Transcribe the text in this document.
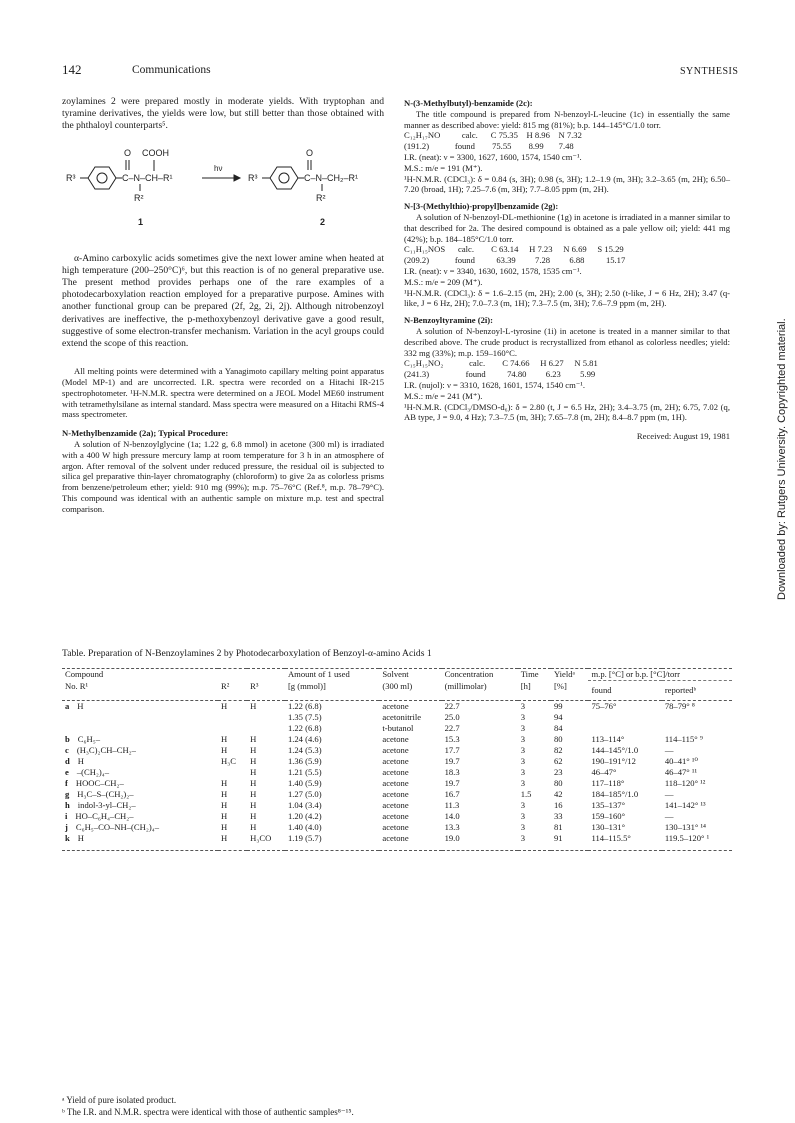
142	Communications	SYNTHESIS

zoylamines 2 were prepared mostly in moderate yields. With tryptophan and tyramine derivatives, the yields were low, but still better than those obtained with the phthaloyl counterparts⁵.

R³	C–N–CH–R¹
O COOH
R²
1
hν
R³	C–N–CH₂–R¹
O
R²
2

α-Amino carboxylic acids sometimes give the next lower amine when heated at high temperature (200–250°C)⁶, but this reaction is of no general preparative use. The present method provides perhaps one of the rare examples of a photodecarboxylation reaction employed for a preparative purpose. Amines with another functional group can be prepared (2f, 2g, 2i, 2j). Although nitrobenzoyl derivatives are ineffective, the p-methoxybenzoyl derivative gave a good result, suggestive of some electron-transfer mechanism. Variation in the acyl groups could extend the scope of this reaction.

All melting points were determined with a Yanagimoto capillary melting point apparatus (Model MP-1) and are uncorrected. I.R. spectra were recorded on a Hitachi IR-215 spectrophotometer. ¹H-N.M.R. spectra were determined on a JEOL Model ME60 instrument with tetramethylsilane as internal standard. Mass spectra were measured on a Hitachi RMS-4 mass spectrometer.

N-Methylbenzamide (2a); Typical Procedure:

A solution of N-benzoylglycine (1a; 1.22 g, 6.8 mmol) in acetone (300 ml) is irradiated with a 400 W high pressure mercury lamp at room temperature for 3 h in an atmosphere of argon. After removal of the solvent under reduced pressure, the residual oil is subjected to silica gel preparative thin-layer chromatography (chloroform) to give 2a as colorless prisms from benzene/petroleum ether; yield: 910 mg (99%); m.p. 75–76°C (Ref.⁸, m.p. 78–79°C). This compound was identical with an authentic sample on mixture m.p. test and spectral comparison.

N-(3-Methylbutyl)-benzamide (2c):

The title compound is prepared from N-benzoyl-L-leucine (1c) in essentially the same manner as described above: yield: 815 mg (81%); b.p. 144–145°C/1.0 torr.

C₁₂H₁₇NO          calc.      C 75.35    H 8.96    N 7.32
(191.2)            found        75.55        8.99       7.48

I.R. (neat): ν = 3300, 1627, 1600, 1574, 1540 cm⁻¹.

M.S.: m/e = 191 (M⁺).

¹H-N.M.R. (CDCl₃): δ = 0.84 (s, 3H); 0.98 (s, 3H); 1.2–1.9 (m, 3H); 3.2–3.65 (m, 2H); 6.50–7.20 (broad, 1H); 7.25–7.6 (m, 3H); 7.7–8.05 ppm (m, 2H).

N-[3-(Methylthio)-propyl]benzamide (2g):

A solution of N-benzoyl-DL-methionine (1g) in acetone is irradiated in a manner similar to that described for 2a. The desired compound is obtained as a pale yellow oil; yield: 441 mg (42%); b.p. 184–185°C/1.0 torr.

C₁₁H₁₅NOS      calc.        C 63.14     H 7.23     N 6.69     S 15.29
(209.2)            found          63.39         7.28         6.88          15.17

I.R. (neat): ν = 3340, 1630, 1602, 1578, 1535 cm⁻¹.

M.S.: m/e = 209 (M⁺).

¹H-N.M.R. (CDCl₃): δ = 1.6–2.15 (m, 2H); 2.00 (s, 3H); 2.50 (t-like, J = 6 Hz, 2H); 3.47 (q-like, J = 6 Hz, 2H); 7.0–7.3 (m, 1H); 7.3–7.5 (m, 3H); 7.6–7.9 ppm (m, 2H).

N-Benzoyltyramine (2i):

A solution of N-benzoyl-L-tyrosine (1i) in acetone is treated in a manner similar to that described above. The crude product is recrystallized from ethanol as colorless needles; yield: 332 mg (33%); m.p. 159–160°C.

C₁₅H₁₅NO₂            calc.        C 74.66     H 6.27     N 5.81
(241.3)                 found          74.80         6.23         5.99

I.R. (nujol): ν = 3310, 1628, 1601, 1574, 1540 cm⁻¹.

M.S.: m/e = 241 (M⁺).

¹H-N.M.R. (CDCl₃/DMSO-d₆): δ = 2.80 (t, J = 6.5 Hz, 2H); 3.4–3.75 (m, 2H); 6.75, 7.02 (q, AB type, J = 9.0, 4 Hz); 7.3–7.5 (m, 3H); 7.65–7.8 (m, 2H); 8.4–8.7 ppm (m, 1H).

Received: August 19, 1981

Table. Preparation of N-Benzoylamines 2 by Photodecarboxylation of Benzoyl-α-amino Acids 1
Compound			Amount of 1 used	Solvent	Concentration	Time	Yieldᵃ	m.p. [°C] or b.p. [°C]/torr	
No. R¹	R²	R³	[g (mmol)]	(300 ml)	(millimolar)	[h]	[%]	found	reportedᵇ

a H	H	H	1.22 (6.8)	acetone	22.7	3	99	75–76°	78–79° ⁸
			1.35 (7.5)	acetonitrile	25.0	3	94		
			1.22 (6.8)	t-butanol	22.7	3	84		
b C₆H₅–	H	H	1.24 (4.6)	acetone	15.3	3	80	113–114°	114–115° ⁹
c (H₃C)₂CH–CH₂–	H	H	1.24 (5.3)	acetone	17.7	3	82	144–145°/1.0	—
d H	H₃C	H	1.36 (5.9)	acetone	19.7	3	62	190–191°/12	40–41° ¹⁰
e –(CH₂)₄–		H	1.21 (5.5)	acetone	18.3	3	23	46–47°	46–47° ¹¹
f HOOC–CH₂–	H	H	1.40 (5.9)	acetone	19.7	3	80	117–118°	118–120° ¹²
g H₃C–S–(CH₂)₂–	H	H	1.27 (5.0)	acetone	16.7	1.5	42	184–185°/1.0	—
h indol-3-yl–CH₂–	H	H	1.04 (3.4)	acetone	11.3	3	16	135–137°	141–142° ¹³
i HO–C₆H₄–CH₂–	H	H	1.20 (4.2)	acetone	14.0	3	33	159–160°	—
j C₆H₅–CO–NH–(CH₂)₄–	H	H	1.40 (4.0)	acetone	13.3	3	81	130–131°	130–131° ¹⁴
k H	H	H₃CO	1.19 (5.7)	acetone	19.0	3	91	114–115.5°	119.5–120° ¹

ᵃ Yield of pure isolated product.
ᵇ The I.R. and N.M.R. spectra were identical with those of authentic samples⁸⁻¹⁵.
Downloaded by: Rutgers University. Copyrighted material.
